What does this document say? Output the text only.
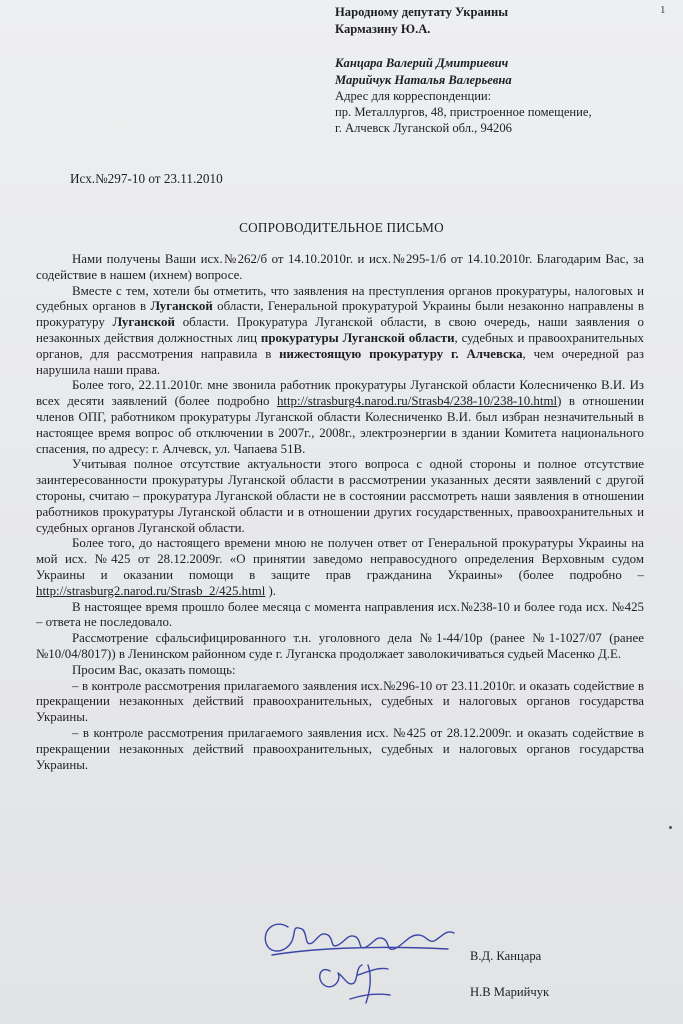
1
Народному депутату Украины
Кармазину Ю.А.
Канцара Валерий Дмитриевич
Марийчук Наталья Валерьевна
Адрес для корреспонденции:
пр. Металлургов, 48, пристроенное помещение,
г. Алчевск Луганской обл., 94206
Исх.№297-10 от 23.11.2010
СОПРОВОДИТЕЛЬНОЕ ПИСЬМО

Нами получены Ваши исх.№262/б от 14.10.2010г. и исх.№295-1/б от 14.10.2010г. Благодарим Вас, за содействие в нашем (ихнем) вопросе.

Вместе с тем, хотели бы отметить, что заявления на преступления органов прокуратуры, налоговых и судебных органов в Луганской области, Генеральной прокуратурой Украины были незаконно направлены в прокуратуру Луганской области. Прокуратура Луганской области, в свою очередь, наши заявления о незаконных действия должностных лиц прокуратуры Луганской области, судебных и правоохранительных органов, для рассмотрения направила в нижестоящую прокуратуру г. Алчевска, чем очередной раз нарушила наши права.

Более того, 22.11.2010г. мне звонила работник прокуратуры Луганской области Колесниченко В.И. Из всех десяти заявлений (более подробно http://strasburg4.narod.ru/Strasb4/238-10/238-10.html) в отношении членов ОПГ, работником прокуратуры Луганской области Колесниченко В.И. был избран незначительный в настоящее время вопрос об отключении в 2007г., 2008г., электроэнергии в здании Комитета национального спасения, по адресу: г. Алчевск, ул. Чапаева 51В.

Учитывая полное отсутствие актуальности этого вопроса с одной стороны и полное отсутствие заинтересованности прокуратуры Луганской области в рассмотрении указанных десяти заявлений с другой стороны, считаю – прокуратура Луганской области не в состоянии рассмотреть наши заявления в отношении работников прокуратуры Луганской области и в отношении других государственных, правоохранительных и судебных органов Луганской области.

Более того, до настоящего времени мною не получен ответ от Генеральной прокуратуры Украины на мой исх. №425 от 28.12.2009г. «О принятии заведомо неправосудного определения Верховным судом Украины и оказании помощи в защите прав гражданина Украины» (более подробно – http://strasburg2.narod.ru/Strasb_2/425.html ).

В настоящее время прошло более месяца с момента направления исх.№238-10 и более года исх. №425 – ответа не последовало.

Рассмотрение сфальсифицированного т.н. уголовного дела №1-44/10р (ранее №1-1027/07 (ранее №10/04/8017)) в Ленинском районном суде г. Луганска продолжает заволокичиваться судьей Масенко Д.Е.

Просим Вас, оказать помощь:

– в контроле рассмотрения прилагаемого заявления исх.№296-10 от 23.11.2010г. и оказать содействие в прекращении незаконных действий правоохранительных, судебных и налоговых органов государства Украины.

– в контроле рассмотрения прилагаемого заявления исх. №425 от 28.12.2009г. и оказать содействие в прекращении незаконных действий правоохранительных, судебных и налоговых органов государства Украины.

В.Д. Канцара
Н.В Марийчук
